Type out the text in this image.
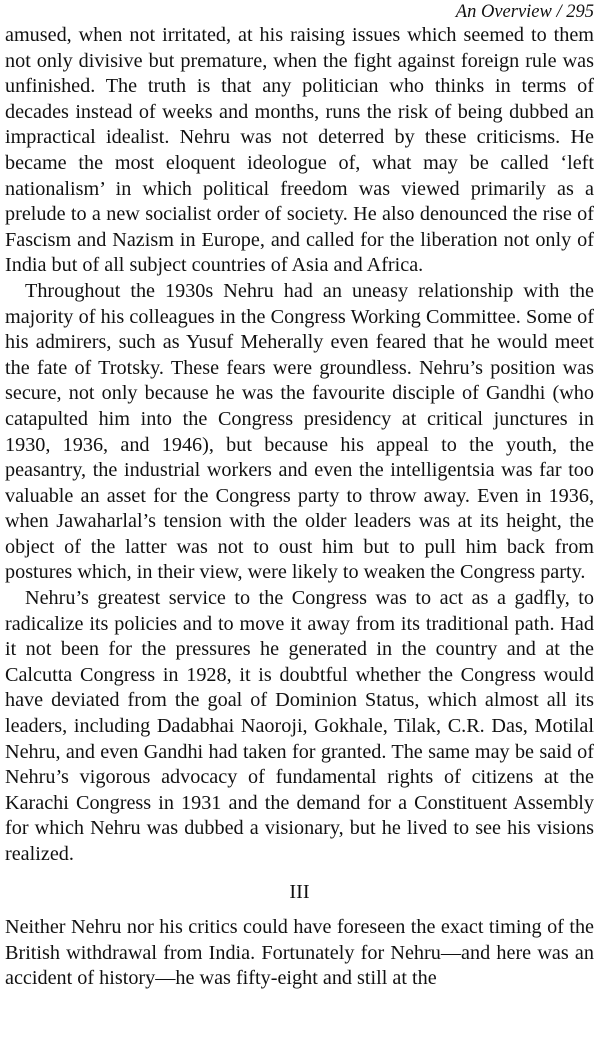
An Overview / 295

amused, when not irritated, at his raising issues which seemed to them not only divisive but premature, when the fight against foreign rule was unfinished. The truth is that any politician who thinks in terms of decades instead of weeks and months, runs the risk of being dubbed an impractical idealist. Nehru was not deterred by these criticisms. He became the most eloquent ideologue of, what may be called ‘left nationalism’ in which political freedom was viewed primarily as a prelude to a new socialist order of society. He also denounced the rise of Fascism and Nazism in Europe, and called for the liberation not only of India but of all subject countries of Asia and Africa.

Throughout the 1930s Nehru had an uneasy relationship with the majority of his colleagues in the Congress Working Committee. Some of his admirers, such as Yusuf Meherally even feared that he would meet the fate of Trotsky. These fears were groundless. Nehru’s position was secure, not only because he was the favourite disciple of Gandhi (who catapulted him into the Congress presidency at critical junctures in 1930, 1936, and 1946), but because his appeal to the youth, the peasantry, the industrial workers and even the intelligentsia was far too valuable an asset for the Congress party to throw away. Even in 1936, when Jawaharlal’s tension with the older leaders was at its height, the object of the latter was not to oust him but to pull him back from postures which, in their view, were likely to weaken the Congress party.

Nehru’s greatest service to the Congress was to act as a gadfly, to radicalize its policies and to move it away from its traditional path. Had it not been for the pressures he generated in the country and at the Calcutta Congress in 1928, it is doubtful whether the Congress would have deviated from the goal of Dominion Status, which almost all its leaders, including Dadabhai Naoroji, Gokhale, Tilak, C.R. Das, Motilal Nehru, and even Gandhi had taken for granted. The same may be said of Nehru’s vigorous advocacy of fundamental rights of citizens at the Karachi Congress in 1931 and the demand for a Constituent Assembly for which Nehru was dubbed a visionary, but he lived to see his visions realized.

III

Neither Nehru nor his critics could have foreseen the exact timing of the British withdrawal from India. Fortunately for Nehru—and here was an accident of history—he was fifty-eight and still at the
